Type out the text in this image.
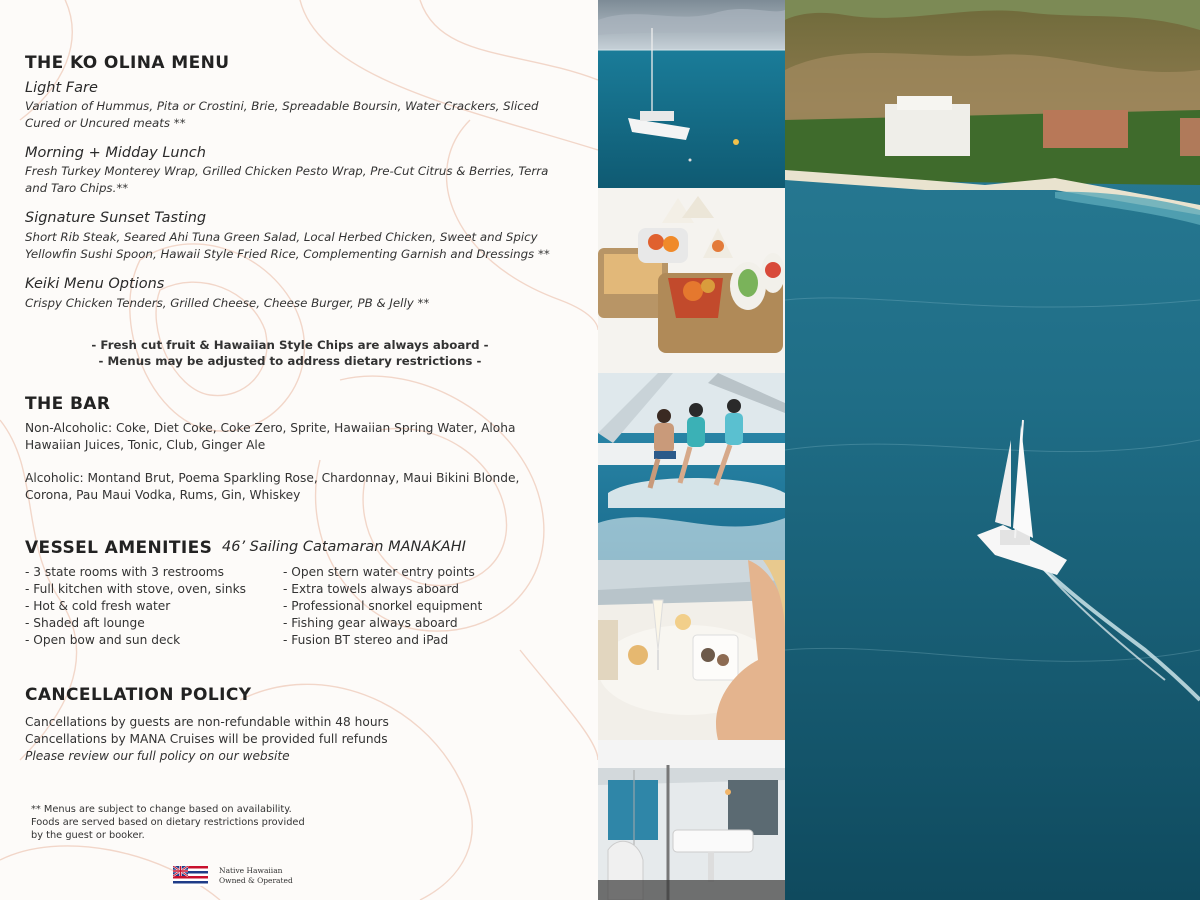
THE KO OLINA MENU
Light Fare
Variation of Hummus, Pita or Crostini, Brie, Spreadable Boursin, Water Crackers, Sliced
Cured or Uncured meats **
Morning + Midday Lunch
Fresh Turkey Monterey Wrap, Grilled Chicken Pesto Wrap, Pre-Cut Citrus & Berries, Terra
and Taro Chips.**
Signature Sunset Tasting
Short Rib Steak, Seared Ahi Tuna Green Salad, Local Herbed Chicken, Sweet and Spicy
Yellowfin Sushi Spoon, Hawaii Style Fried Rice, Complementing Garnish and Dressings **
Keiki Menu Options
Crispy Chicken Tenders, Grilled Cheese, Cheese Burger, PB & Jelly **
- Fresh cut fruit & Hawaiian Style Chips are always aboard -
- Menus may be adjusted to address dietary restrictions -
THE BAR
Non-Alcoholic: Coke, Diet Coke, Coke Zero, Sprite, Hawaiian Spring Water, Aloha
Hawaiian Juices, Tonic, Club, Ginger Ale
Alcoholic: Montand Brut, Poema Sparkling Rose, Chardonnay, Maui Bikini Blonde,
Corona, Pau Maui Vodka, Rums, Gin, Whiskey
VESSEL AMENITIES 46’ Sailing Catamaran MANAKAHI
- 3 state rooms with 3 restrooms
- Full kitchen with stove, oven, sinks
- Hot & cold fresh water
- Shaded aft lounge
- Open bow and sun deck
- Open stern water entry points
- Extra towels always aboard
- Professional snorkel equipment
- Fishing gear always aboard
- Fusion BT stereo and iPad
CANCELLATION POLICY
Cancellations by guests are non-refundable within 48 hours
Cancellations by MANA Cruises will be provided full refunds
Please review our full policy on our website
** Menus are subject to change based on availability.
Foods are served based on dietary restrictions provided
by the guest or booker.
Native Hawaiian
Owned & Operated
